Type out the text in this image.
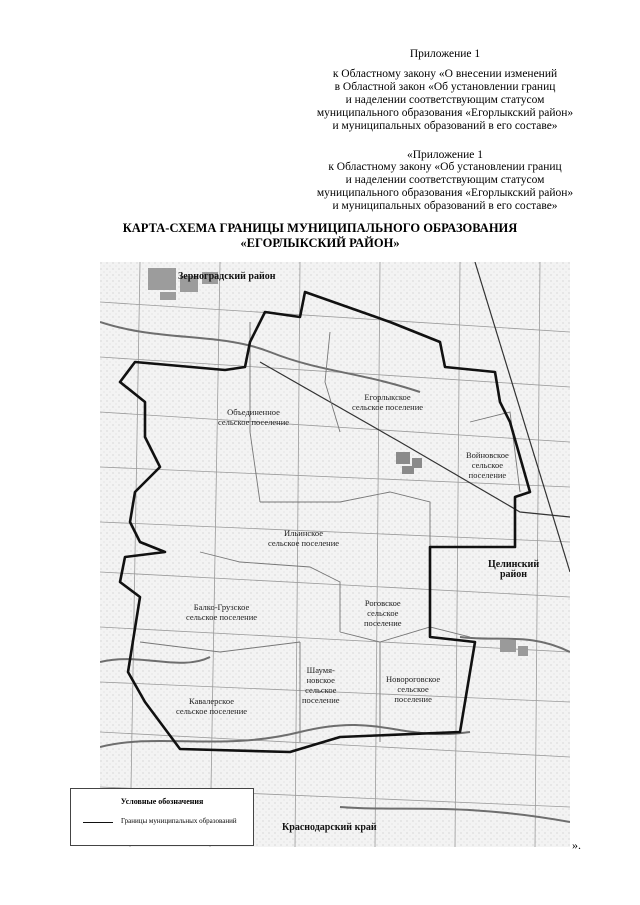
Приложение 1
к Областному закону «О внесении изменений
в Областной закон «Об установлении границ
и наделении соответствующим статусом
муниципального образования «Егорлыкский район»
и муниципальных образований в его составе»
«Приложение 1
к Областному закону «Об установлении границ
и наделении соответствующим статусом
муниципального образования «Егорлыкский район»
и муниципальных образований в его составе»
КАРТА-СХЕМА ГРАНИЦЫ МУНИЦИПАЛЬНОГО ОБРАЗОВАНИЯ
«ЕГОРЛЫКСКИЙ РАЙОН»
Зерноградский район
Целинский
район
Краснодарский край
Объединенное
сельское поселение
Егорлыкское
сельское поселение
Войновское
сельское
поселение
Ильинское
сельское поселение
Балко-Грузское
сельское поселение
Роговское
сельское
поселение
Шаумя-
новское
сельское
поселение
Новороговское
сельское
поселение
Кавалерское
сельское поселение
Условные обозначения
Границы муниципальных образований
».
